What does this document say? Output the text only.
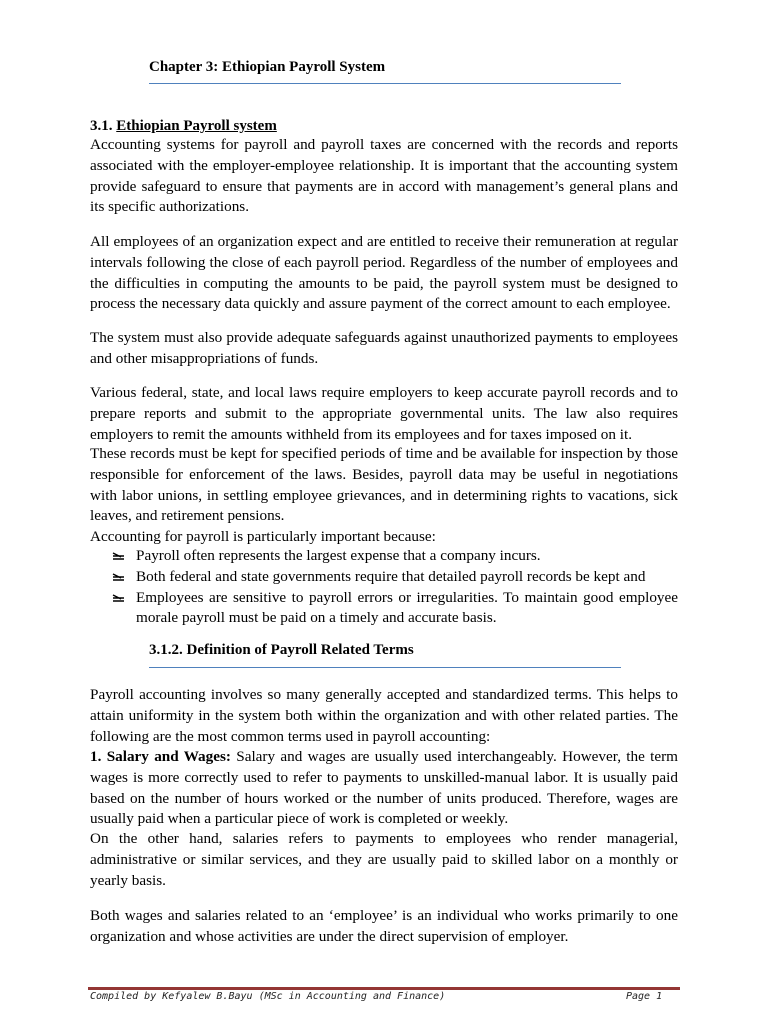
Chapter 3: Ethiopian Payroll System
3.1. Ethiopian Payroll system

Accounting systems for payroll and payroll taxes are concerned with the records and reports associated with the employer-employee relationship. It is important that the accounting system provide safeguard to ensure that payments are in accord with management’s general plans and its specific authorizations.

All employees of an organization expect and are entitled to receive their remuneration at regular intervals following the close of each payroll period. Regardless of the number of employees and the difficulties in computing the amounts to be paid, the payroll system must be designed to process the necessary data quickly and assure payment of the correct amount to each employee.

The system must also provide adequate safeguards against unauthorized payments to employees and other misappropriations of funds.

Various federal, state, and local laws require employers to keep accurate payroll records and to prepare reports and submit to the appropriate governmental units. The law also requires employers to remit the amounts withheld from its employees and for taxes imposed on it.

These records must be kept for specified periods of time and be available for inspection by those responsible for enforcement of the laws. Besides, payroll data may be useful in negotiations with labor unions, in settling employee grievances, and in determining rights to vacations, sick leaves, and retirement pensions.

Accounting for payroll is particularly important because:

Payroll often represents the largest expense that a company incurs.
Both federal and state governments require that detailed payroll records be kept and
Employees are sensitive to payroll errors or irregularities. To maintain good employee morale payroll must be paid on a timely and accurate basis.
3.1.2. Definition of Payroll Related Terms

Payroll accounting involves so many generally accepted and standardized terms. This helps to attain uniformity in the system both within the organization and with other related parties. The following are the most common terms used in payroll accounting:

1. Salary and Wages: Salary and wages are usually used interchangeably. However, the term wages is more correctly used to refer to payments to unskilled-manual labor. It is usually paid based on the number of hours worked or the number of units produced. Therefore, wages are usually paid when a particular piece of work is completed or weekly.

On the other hand, salaries refers to payments to employees who render managerial, administrative or similar services, and they are usually paid to skilled labor on a monthly or yearly basis.

Both wages and salaries related to an ‘employee’ is an individual who works primarily to one organization and whose activities are under the direct supervision of employer.

Compiled by Kefyalew B.Bayu (MSc in Accounting and Finance)	Page 1
